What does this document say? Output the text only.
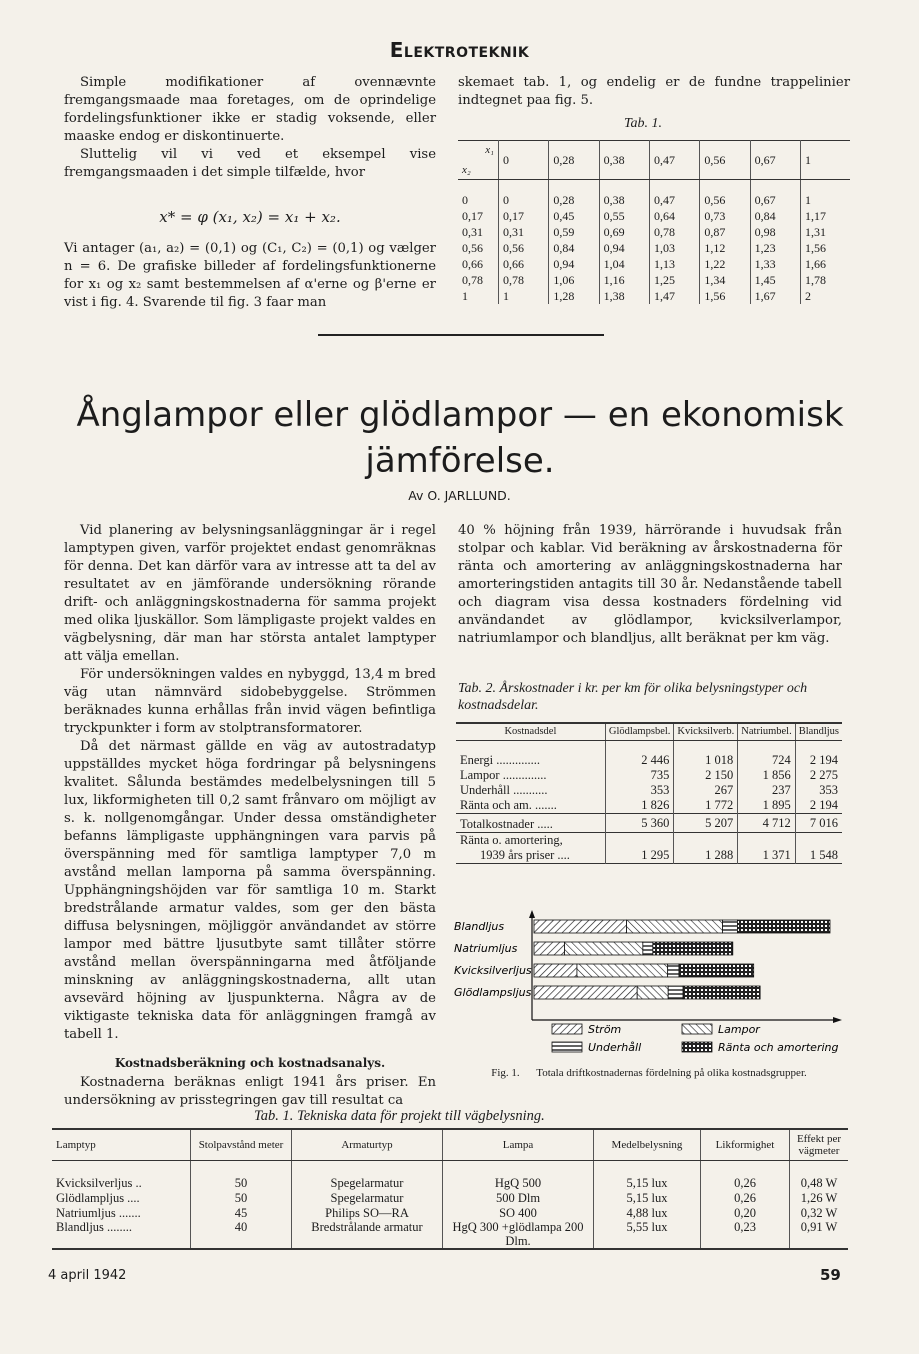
Elektroteknik

Simple modifikationer af ovennævnte fremgangsmaade maa foretages, om de oprindelige fordelingsfunktioner ikke er stadig voksende, eller maaske endog er diskontinuerte.

Sluttelig vil vi ved et eksempel vise fremgangsmaaden i det simple tilfælde, hvor

x* = φ (x₁, x₂) = x₁ + x₂.

Vi antager (a₁, a₂) = (0,1) og (C₁, C₂) = (0,1) og vælger n = 6. De grafiske billeder af fordelingsfunktionerne for x₁ og x₂ samt bestemmelsen af α'erne og β'erne er vist i fig. 4. Svarende til fig. 3 faar man

skemaet tab. 1, og endelig er de fundne trappelinier indtegnet paa fig. 5.

Tab. 1.
x₁
x₂	0	0,28	0,38	0,47	0,56	0,67	1
0	0	0,28	0,38	0,47	0,56	0,67	1
0,17	0,17	0,45	0,55	0,64	0,73	0,84	1,17
0,31	0,31	0,59	0,69	0,78	0,87	0,98	1,31
0,56	0,56	0,84	0,94	1,03	1,12	1,23	1,56
0,66	0,66	0,94	1,04	1,13	1,22	1,33	1,66
0,78	0,78	1,06	1,16	1,25	1,34	1,45	1,78
1	1	1,28	1,38	1,47	1,56	1,67	2
Ånglampor eller glödlampor — en ekonomisk
jämförelse.
Av O. JARLLUND.

Vid planering av belysningsanläggningar är i regel lamptypen given, varför projektet endast genomräknas för denna. Det kan därför vara av intresse att ta del av resultatet av en jämförande undersökning rörande drift- och anläggningskostnaderna för samma projekt med olika ljuskällor. Som lämpligaste projekt valdes en vägbelysning, där man har största antalet lamptyper att välja emellan.

För undersökningen valdes en nybyggd, 13,4 m bred väg utan nämnvärd sidobebyggelse. Strömmen beräknades kunna erhållas från invid vägen befintliga tryckpunkter i form av stolptransformatorer.

Då det närmast gällde en väg av autostradatyp uppställdes mycket höga fordringar på belysningens kvalitet. Sålunda bestämdes medelbelysningen till 5 lux, likformigheten till 0,2 samt frånvaro om möjligt av s. k. nollgenomgångar. Under dessa omständigheter befanns lämpligaste upphängningen vara parvis på överspänning med för samtliga lamptyper 7,0 m avstånd mellan lamporna på samma överspänning. Upphängningshöjden var för samtliga 10 m. Starkt bredstrålande armatur valdes, som ger den bästa diffusa belysningen, möjliggör användandet av större lampor med bättre ljusutbyte samt tillåter större avstånd mellan överspänningarna med åtföljande minskning av anläggningskostnaderna, allt utan avsevärd höjning av ljuspunkterna. Några av de viktigaste tekniska data för anläggningen framgå av tabell 1.

Kostnadsberäkning och kostnadsanalys.

Kostnaderna beräknas enligt 1941 års priser. En undersökning av prisstegringen gav till resultat ca

40 % höjning från 1939, härrörande i huvudsak från stolpar och kablar. Vid beräkning av årskostnaderna för ränta och amortering av anläggningskostnaderna har amorteringstiden antagits till 30 år. Nedanstående tabell och diagram visa dessa kostnaders fördelning vid användandet av glödlampor, kvicksilverlampor, natriumlampor och blandljus, allt beräknat per km väg.

Tab. 2. Årskostnader i kr. per km för olika belysningstyper och kostnadsdelar.
Kostnadsdel	Glödlampsbel.	Kvicksilverb.	Natriumbel.	Blandljus
Energi ..............	2 446	1 018	724	2 194
Lampor ..............	735	2 150	1 856	2 275
Underhåll ...........	353	267	237	353
Ränta och am. .......	1 826	1 772	1 895	2 194
Totalkostnader .....	5 360	5 207	4 712	7 016

Ränta o. amortering,
1939 års priser ....	1 295	1 288	1 371	1 548
Blandljus
Natriumljus
Kvicksilverljus
Glödlampsljus
Ström	Lampor
Underhåll	Ränta och amortering
Fig. 1. Totala driftkostnadernas fördelning på olika kostnadsgrupper.
Tab. 1. Tekniska data för projekt till vägbelysning.
Lamptyp	Stolpavstånd meter	Armaturtyp	Lampa	Medelbelysning	Likformighet	Effekt per vägmeter
Kvicksilverljus ..	50	Spegelarmatur	HgQ 500	5,15 lux	0,26	0,48 W
Glödlampljus ....	50	Spegelarmatur	500 Dlm	5,15 lux	0,26	1,26 W
Natriumljus .......	45	Philips SO—RA	SO 400	4,88 lux	0,20	0,32 W
Blandljus ........	40	Bredstrålande armatur	HgQ 300 +glödlampa 200 Dlm.	5,55 lux	0,23	0,91 W
4 april 1942	59
